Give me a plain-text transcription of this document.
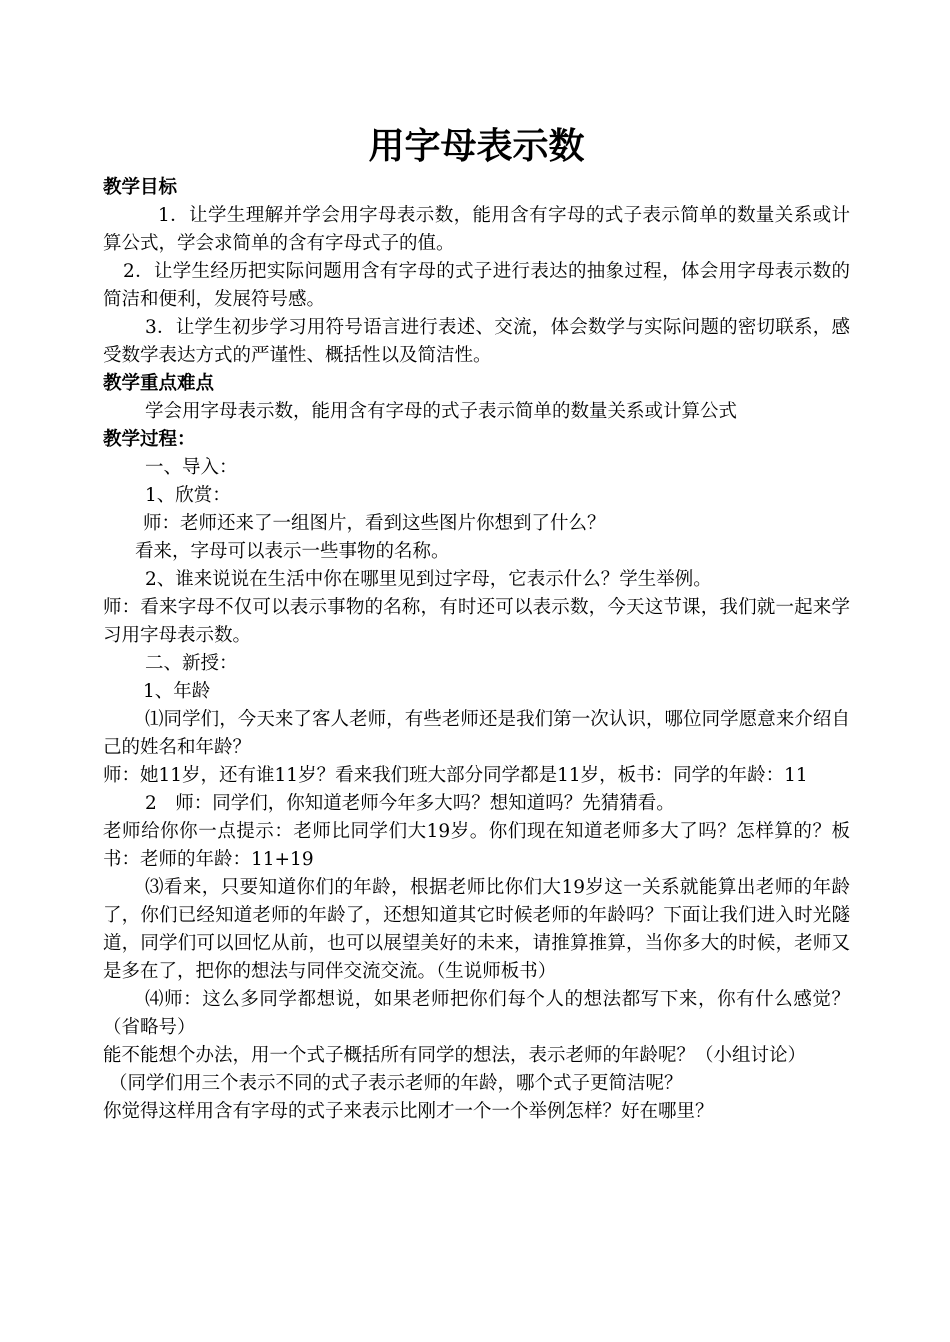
用字母表示数

教学目标

1．让学生理解并学会用字母表示数，能用含有字母的式子表示简单的数量关系或计算公式，学会求简单的含有字母式子的值。

2．让学生经历把实际问题用含有字母的式子进行表达的抽象过程，体会用字母表示数的简洁和便利，发展符号感。

3．让学生初步学习用符号语言进行表述、交流，体会数学与实际问题的密切联系，感受数学表达方式的严谨性、概括性以及简洁性。

教学重点难点

学会用字母表示数，能用含有字母的式子表示简单的数量关系或计算公式

教学过程：

一、导入：

1、欣赏：

师：老师还来了一组图片，看到这些图片你想到了什么？

看来，字母可以表示一些事物的名称。

2、谁来说说在生活中你在哪里见到过字母，它表示什么？学生举例。

师：看来字母不仅可以表示事物的名称，有时还可以表示数，今天这节课，我们就一起来学习用字母表示数。

二、新授：

1、年龄

⑴同学们，今天来了客人老师，有些老师还是我们第一次认识，哪位同学愿意来介绍自己的姓名和年龄？

师：她11岁，还有谁11岁？看来我们班大部分同学都是11岁，板书：同学的年龄：11

2　师：同学们，你知道老师今年多大吗？想知道吗？先猜猜看。

老师给你你一点提示：老师比同学们大19岁。你们现在知道老师多大了吗？怎样算的？板书：老师的年龄：11+19

⑶看来，只要知道你们的年龄，根据老师比你们大19岁这一关系就能算出老师的年龄了，你们已经知道老师的年龄了，还想知道其它时候老师的年龄吗？下面让我们进入时光隧道，同学们可以回忆从前，也可以展望美好的未来，请推算推算，当你多大的时候，老师又是多在了，把你的想法与同伴交流交流。（生说师板书）

⑷师：这么多同学都想说，如果老师把你们每个人的想法都写下来，你有什么感觉？（省略号）

能不能想个办法，用一个式子概括所有同学的想法，表示老师的年龄呢？（小组讨论）

（同学们用三个表示不同的式子表示老师的年龄，哪个式子更简洁呢？

你觉得这样用含有字母的式子来表示比刚才一个一个举例怎样？好在哪里？
